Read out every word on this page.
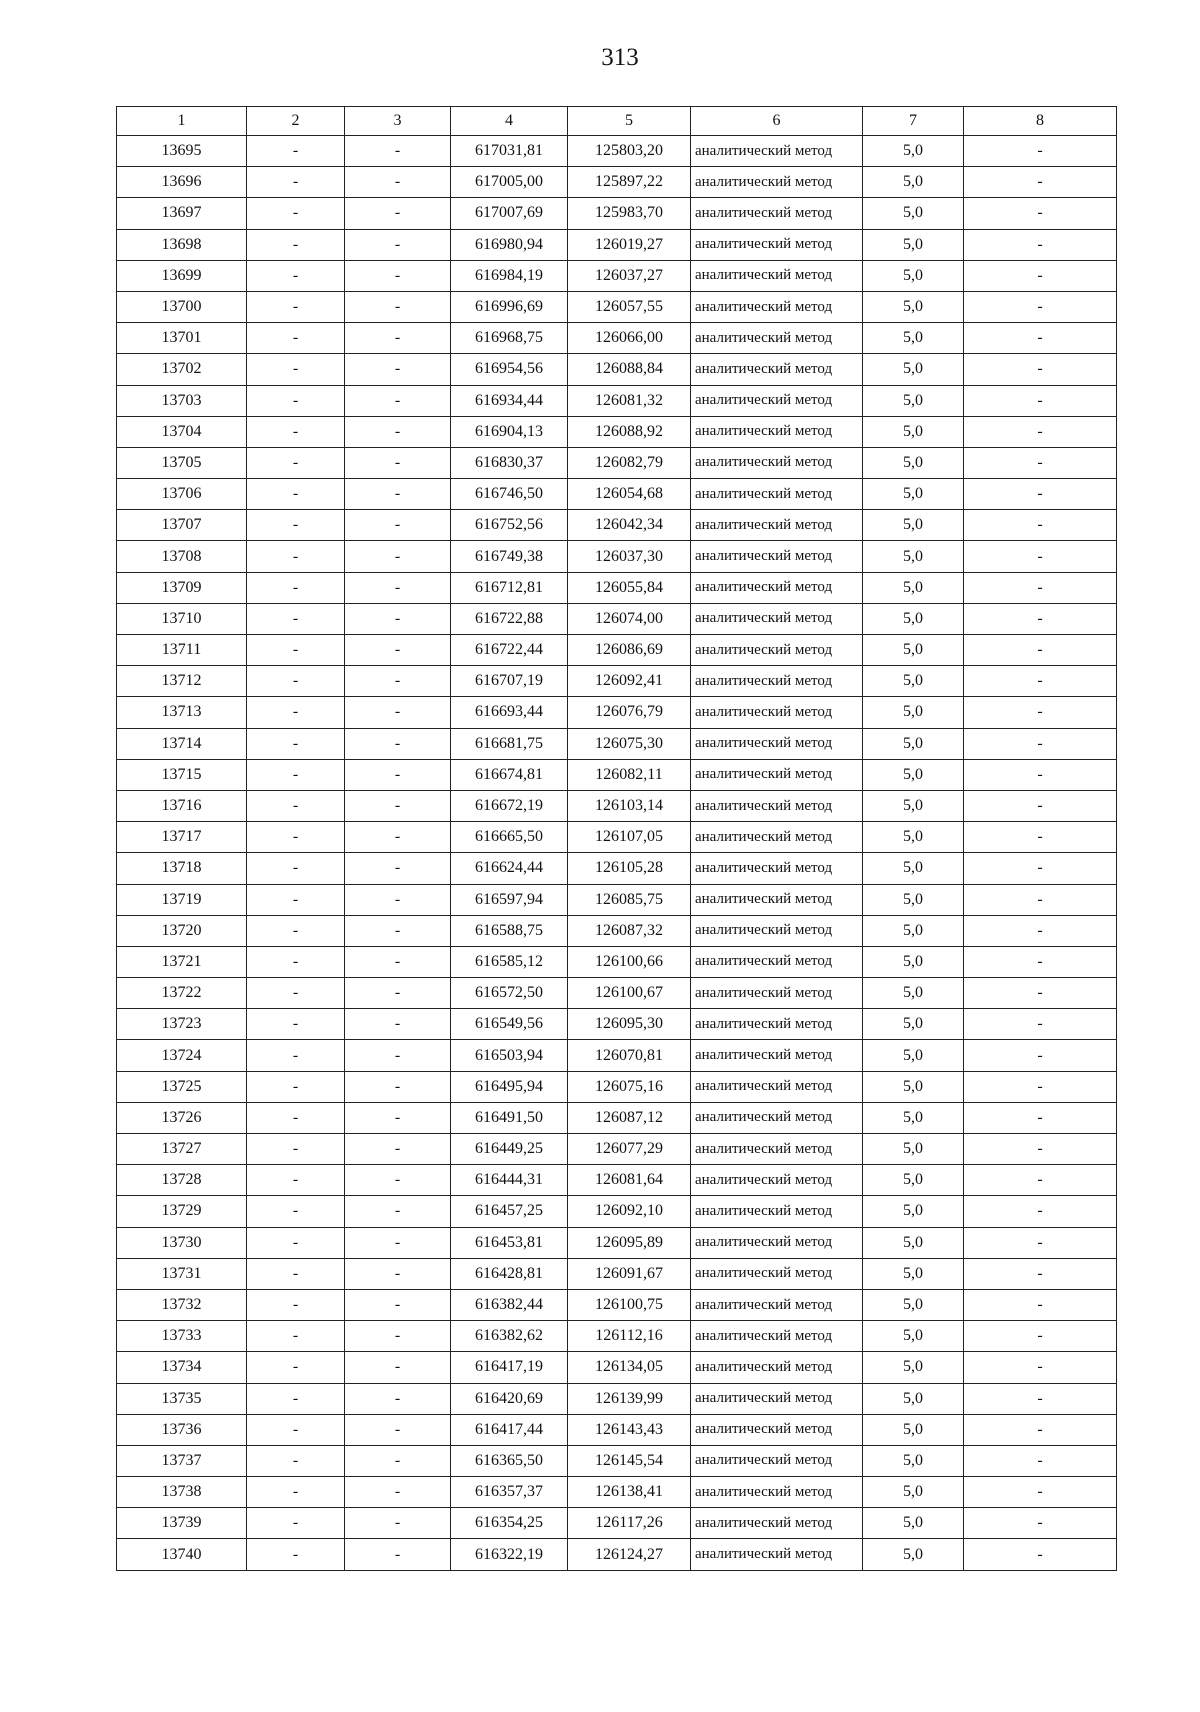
313
1	2	3	4	5	6	7	8
13695	-	-	617031,81	125803,20	аналитический метод	5,0	-
13696	-	-	617005,00	125897,22	аналитический метод	5,0	-
13697	-	-	617007,69	125983,70	аналитический метод	5,0	-
13698	-	-	616980,94	126019,27	аналитический метод	5,0	-
13699	-	-	616984,19	126037,27	аналитический метод	5,0	-
13700	-	-	616996,69	126057,55	аналитический метод	5,0	-
13701	-	-	616968,75	126066,00	аналитический метод	5,0	-
13702	-	-	616954,56	126088,84	аналитический метод	5,0	-
13703	-	-	616934,44	126081,32	аналитический метод	5,0	-
13704	-	-	616904,13	126088,92	аналитический метод	5,0	-
13705	-	-	616830,37	126082,79	аналитический метод	5,0	-
13706	-	-	616746,50	126054,68	аналитический метод	5,0	-
13707	-	-	616752,56	126042,34	аналитический метод	5,0	-
13708	-	-	616749,38	126037,30	аналитический метод	5,0	-
13709	-	-	616712,81	126055,84	аналитический метод	5,0	-
13710	-	-	616722,88	126074,00	аналитический метод	5,0	-
13711	-	-	616722,44	126086,69	аналитический метод	5,0	-
13712	-	-	616707,19	126092,41	аналитический метод	5,0	-
13713	-	-	616693,44	126076,79	аналитический метод	5,0	-
13714	-	-	616681,75	126075,30	аналитический метод	5,0	-
13715	-	-	616674,81	126082,11	аналитический метод	5,0	-
13716	-	-	616672,19	126103,14	аналитический метод	5,0	-
13717	-	-	616665,50	126107,05	аналитический метод	5,0	-
13718	-	-	616624,44	126105,28	аналитический метод	5,0	-
13719	-	-	616597,94	126085,75	аналитический метод	5,0	-
13720	-	-	616588,75	126087,32	аналитический метод	5,0	-
13721	-	-	616585,12	126100,66	аналитический метод	5,0	-
13722	-	-	616572,50	126100,67	аналитический метод	5,0	-
13723	-	-	616549,56	126095,30	аналитический метод	5,0	-
13724	-	-	616503,94	126070,81	аналитический метод	5,0	-
13725	-	-	616495,94	126075,16	аналитический метод	5,0	-
13726	-	-	616491,50	126087,12	аналитический метод	5,0	-
13727	-	-	616449,25	126077,29	аналитический метод	5,0	-
13728	-	-	616444,31	126081,64	аналитический метод	5,0	-
13729	-	-	616457,25	126092,10	аналитический метод	5,0	-
13730	-	-	616453,81	126095,89	аналитический метод	5,0	-
13731	-	-	616428,81	126091,67	аналитический метод	5,0	-
13732	-	-	616382,44	126100,75	аналитический метод	5,0	-
13733	-	-	616382,62	126112,16	аналитический метод	5,0	-
13734	-	-	616417,19	126134,05	аналитический метод	5,0	-
13735	-	-	616420,69	126139,99	аналитический метод	5,0	-
13736	-	-	616417,44	126143,43	аналитический метод	5,0	-
13737	-	-	616365,50	126145,54	аналитический метод	5,0	-
13738	-	-	616357,37	126138,41	аналитический метод	5,0	-
13739	-	-	616354,25	126117,26	аналитический метод	5,0	-
13740	-	-	616322,19	126124,27	аналитический метод	5,0	-
